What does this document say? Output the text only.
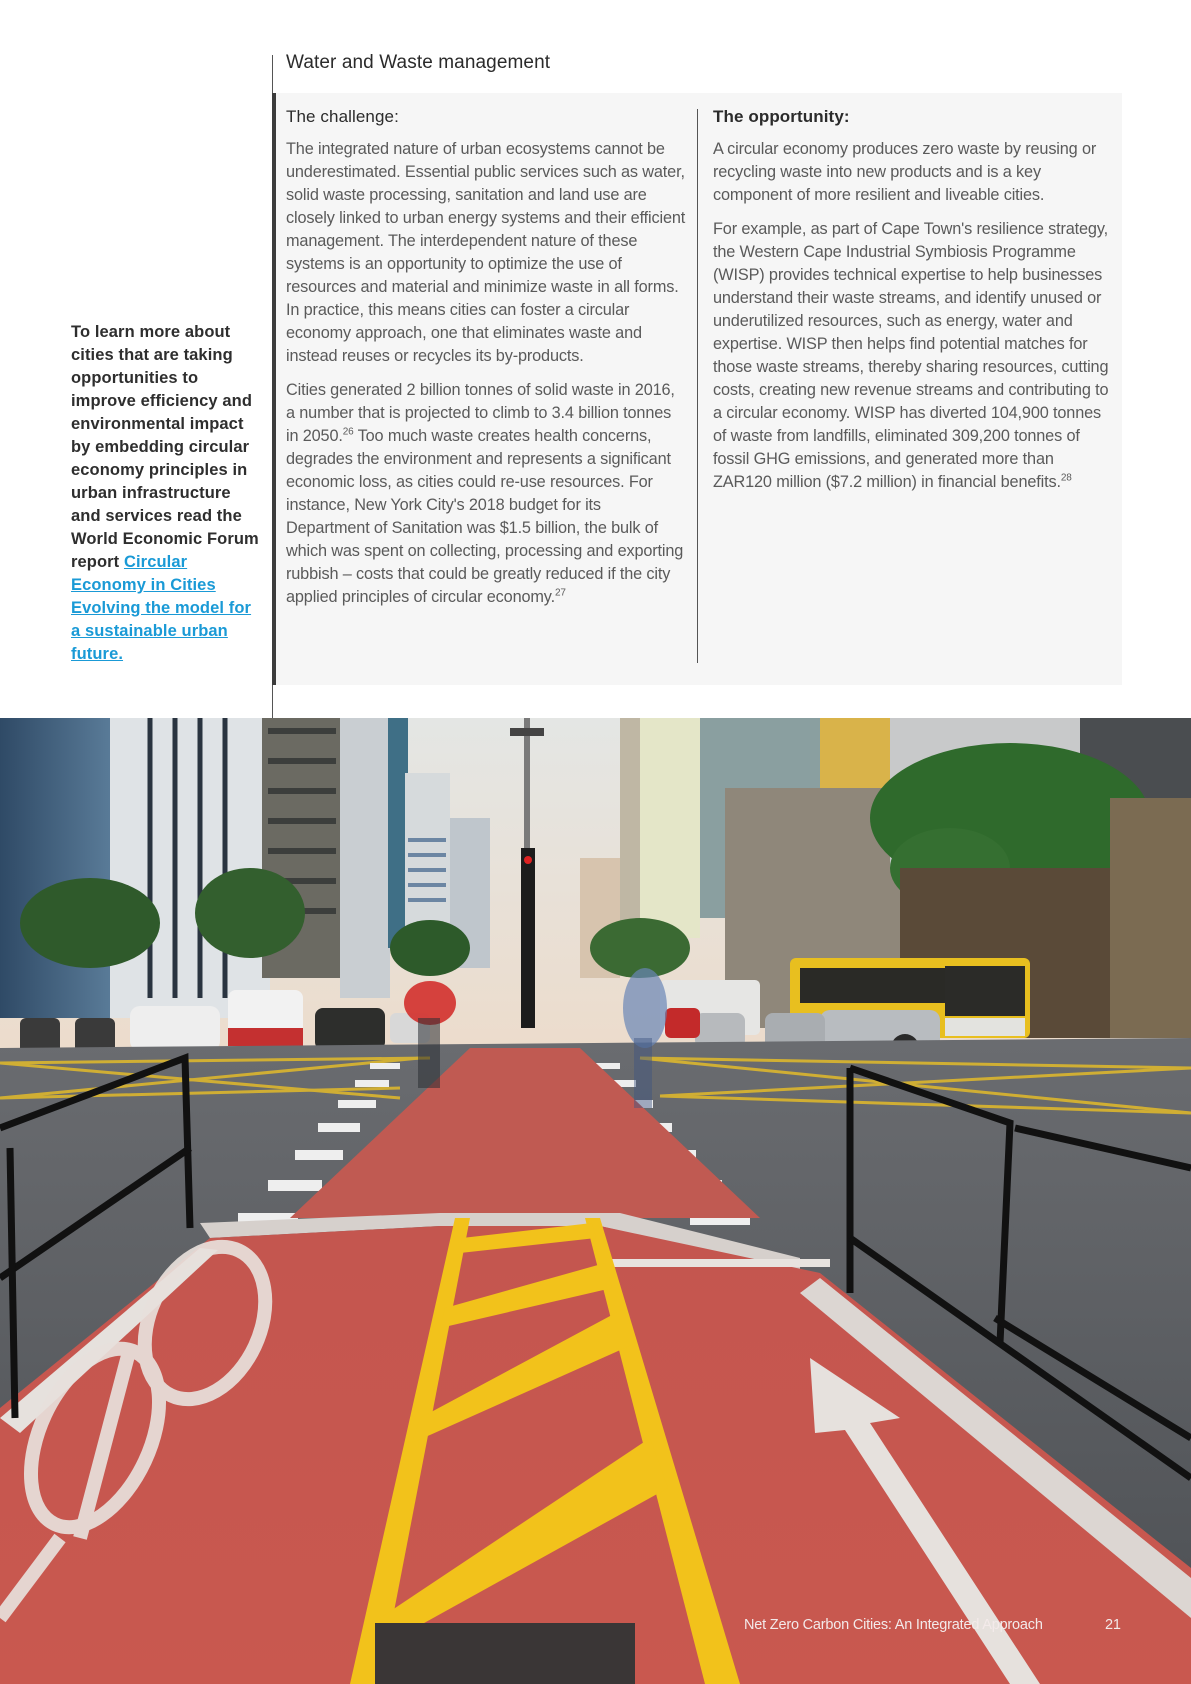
Water and Waste management
The challenge:

The integrated nature of urban ecosystems cannot be underestimated. Essential public services such as water, solid waste processing, sanitation and land use are closely linked to urban energy systems and their efficient management. The interdependent nature of these systems is an opportunity to optimize the use of resources and material and minimize waste in all forms. In practice, this means cities can foster a circular economy approach, one that eliminates waste and instead reuses or recycles its by-products.

Cities generated 2 billion tonnes of solid waste in 2016, a number that is projected to climb to 3.4 billion tonnes in 2050.26 Too much waste creates health concerns, degrades the environment and represents a significant economic loss, as cities could re-use resources. For instance, New York City's 2018 budget for its Department of Sanitation was $1.5 billion, the bulk of which was spent on collecting, processing and exporting rubbish – costs that could be greatly reduced if the city applied principles of circular economy.$^{27}$

The opportunity:

A circular economy produces zero waste by reusing or recycling waste into new products and is a key component of more resilient and liveable cities.

For example, as part of Cape Town's resilience strategy, the Western Cape Industrial Symbiosis Programme (WISP) provides technical expertise to help businesses understand their waste streams, and identify unused or underutilized resources, such as energy, water and expertise. WISP then helps find potential matches for those waste streams, thereby sharing resources, cutting costs, creating new revenue streams and contributing to a circular economy. WISP has diverted 104,900 tonnes of waste from landfills, eliminated 309,200 tonnes of fossil GHG emissions, and generated more than ZAR120 million ($7.2 million) in financial benefits.$^{28}$

To learn more about cities that are taking opportunities to improve efficiency and environmental impact by embedding circular economy principles in urban infrastructure and services read the World Economic Forum report Circular Economy in Cities Evolving the model for a sustainable urban future.
Net Zero Carbon Cities: An Integrated Approach	21
